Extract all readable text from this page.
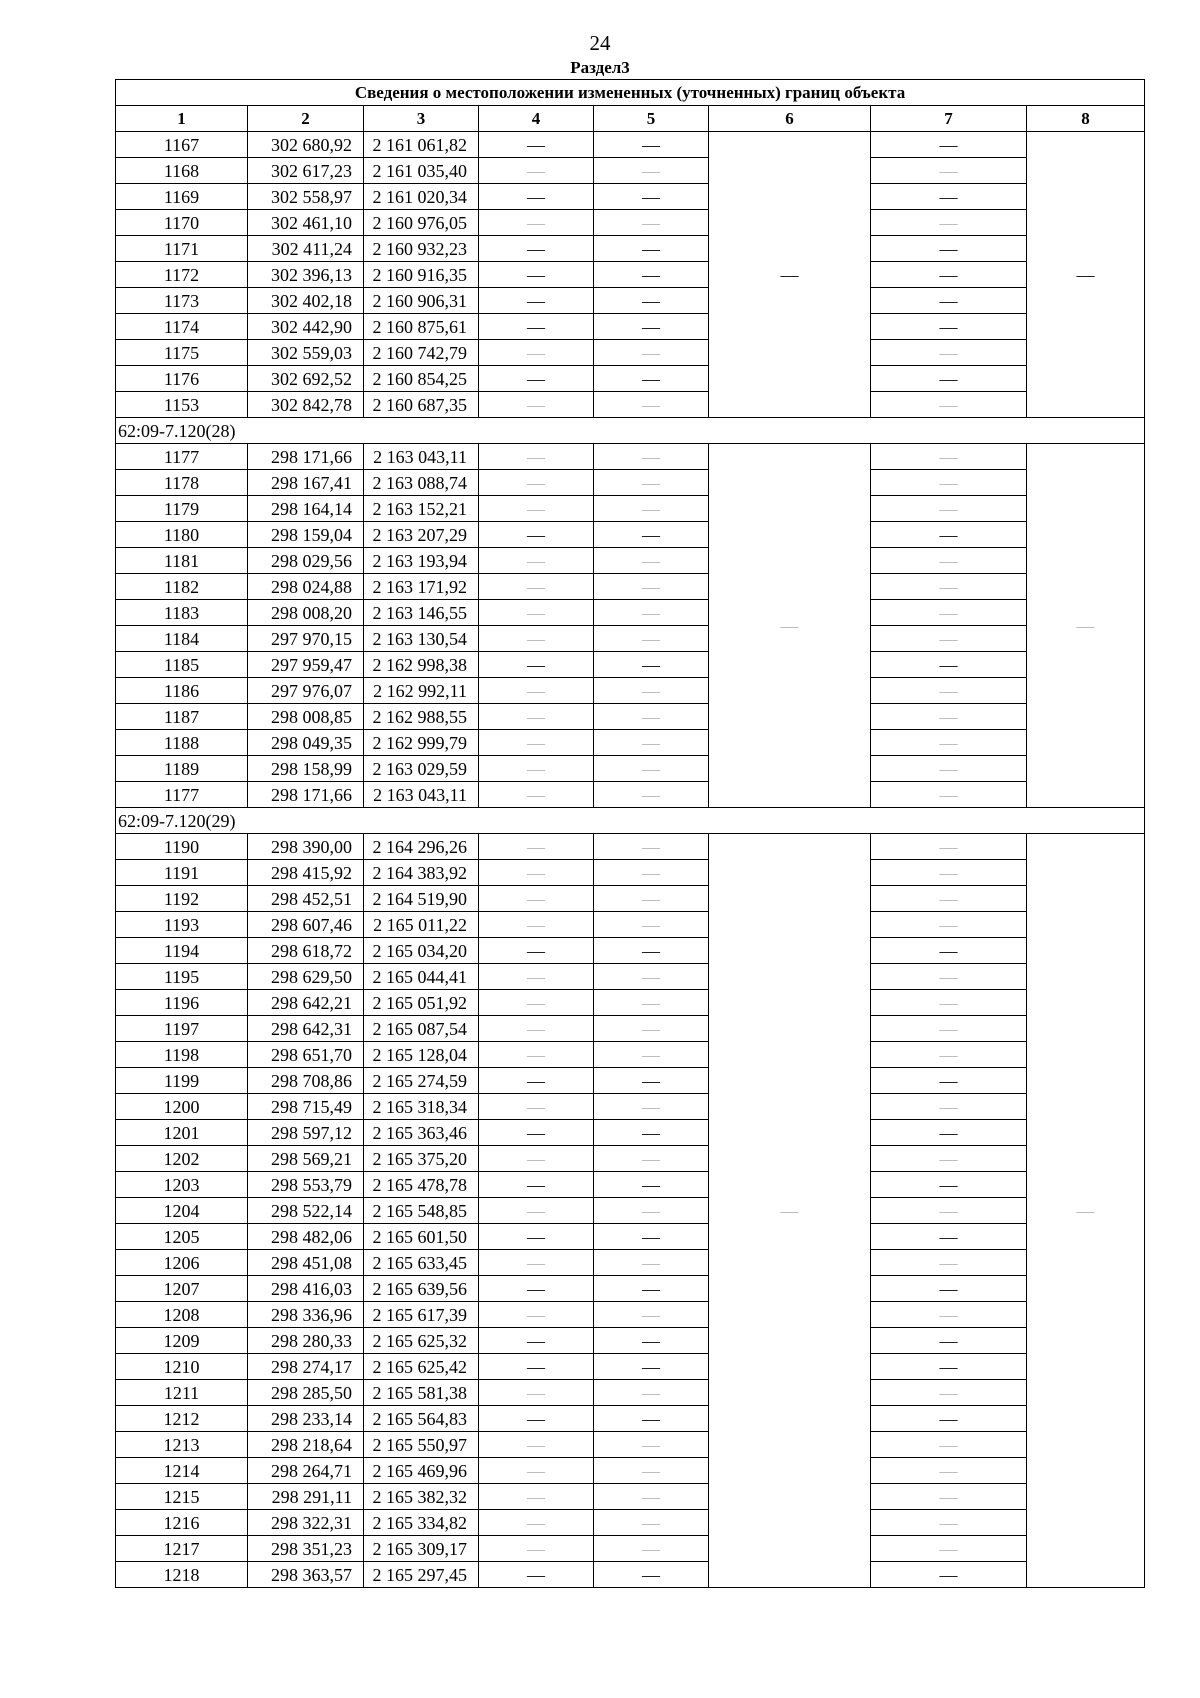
24
Раздел3
Сведения о местоположении измененных (уточненных) границ объекта							
1	2	3	4	5	6	7	8
1167	302 680,92	2 161 061,82	—	—	—	—	—
1168	302 617,23	2 161 035,40	—	—		—	
1169	302 558,97	2 161 020,34	—	—		—	
1170	302 461,10	2 160 976,05	—	—		—	
1171	302 411,24	2 160 932,23	—	—		—	
1172	302 396,13	2 160 916,35	—	—		—	
1173	302 402,18	2 160 906,31	—	—		—	
1174	302 442,90	2 160 875,61	—	—		—	
1175	302 559,03	2 160 742,79	—	—		—	
1176	302 692,52	2 160 854,25	—	—		—	
1153	302 842,78	2 160 687,35	—	—		—	
62:09-7.120(28)							
1177	298 171,66	2 163 043,11	—	—	—	—	—
1178	298 167,41	2 163 088,74	—	—		—	
1179	298 164,14	2 163 152,21	—	—		—	
1180	298 159,04	2 163 207,29	—	—		—	
1181	298 029,56	2 163 193,94	—	—		—	
1182	298 024,88	2 163 171,92	—	—		—	
1183	298 008,20	2 163 146,55	—	—		—	
1184	297 970,15	2 163 130,54	—	—		—	
1185	297 959,47	2 162 998,38	—	—		—	
1186	297 976,07	2 162 992,11	—	—		—	
1187	298 008,85	2 162 988,55	—	—		—	
1188	298 049,35	2 162 999,79	—	—		—	
1189	298 158,99	2 163 029,59	—	—		—	
1177	298 171,66	2 163 043,11	—	—		—	
62:09-7.120(29)							
1190	298 390,00	2 164 296,26	—	—	—	—	—
1191	298 415,92	2 164 383,92	—	—		—	
1192	298 452,51	2 164 519,90	—	—		—	
1193	298 607,46	2 165 011,22	—	—		—	
1194	298 618,72	2 165 034,20	—	—		—	
1195	298 629,50	2 165 044,41	—	—		—	
1196	298 642,21	2 165 051,92	—	—		—	
1197	298 642,31	2 165 087,54	—	—		—	
1198	298 651,70	2 165 128,04	—	—		—	
1199	298 708,86	2 165 274,59	—	—		—	
1200	298 715,49	2 165 318,34	—	—		—	
1201	298 597,12	2 165 363,46	—	—		—	
1202	298 569,21	2 165 375,20	—	—		—	
1203	298 553,79	2 165 478,78	—	—		—	
1204	298 522,14	2 165 548,85	—	—		—	
1205	298 482,06	2 165 601,50	—	—		—	
1206	298 451,08	2 165 633,45	—	—		—	
1207	298 416,03	2 165 639,56	—	—		—	
1208	298 336,96	2 165 617,39	—	—		—	
1209	298 280,33	2 165 625,32	—	—		—	
1210	298 274,17	2 165 625,42	—	—		—	
1211	298 285,50	2 165 581,38	—	—		—	
1212	298 233,14	2 165 564,83	—	—		—	
1213	298 218,64	2 165 550,97	—	—		—	
1214	298 264,71	2 165 469,96	—	—		—	
1215	298 291,11	2 165 382,32	—	—		—	
1216	298 322,31	2 165 334,82	—	—		—	
1217	298 351,23	2 165 309,17	—	—		—	
1218	298 363,57	2 165 297,45	—	—		—	
